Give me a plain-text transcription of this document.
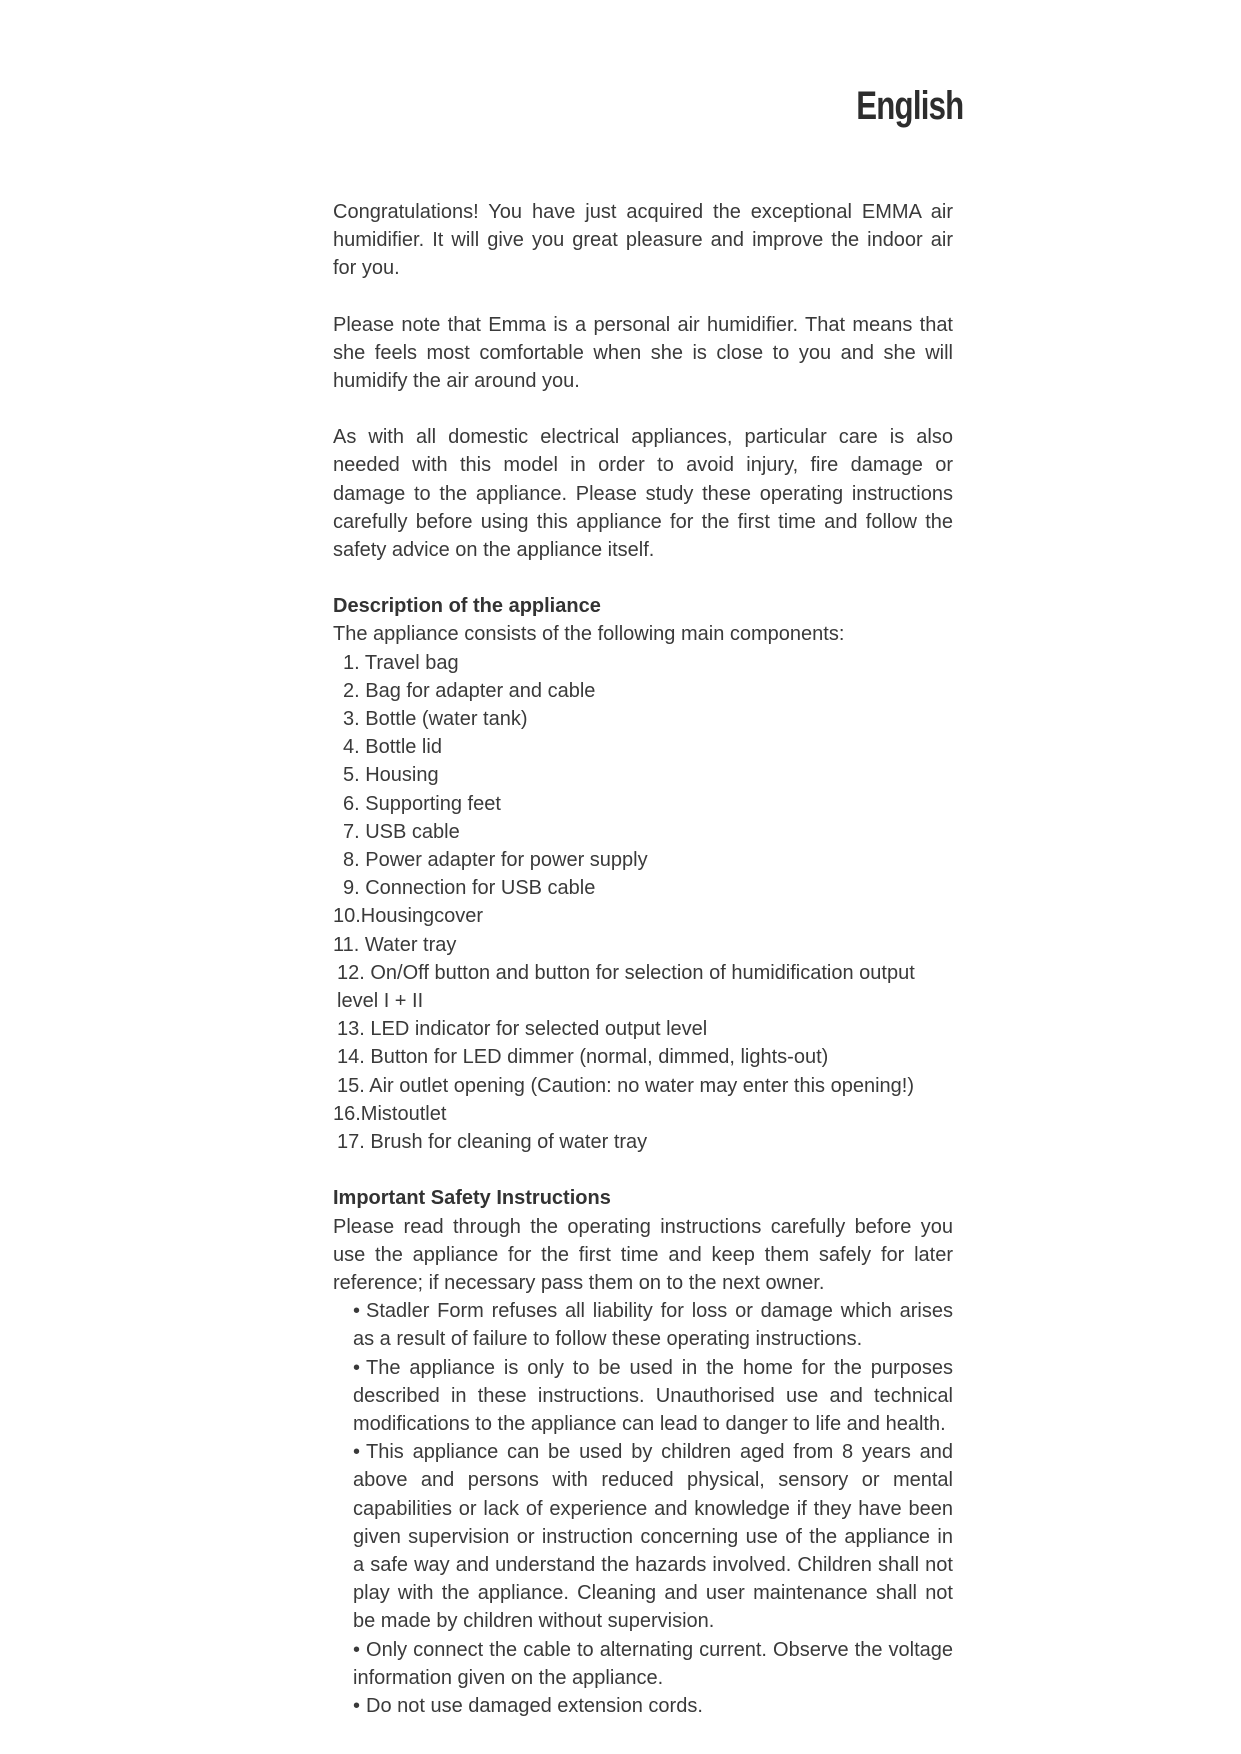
English

Congratulations! You have just acquired the exceptional EMMA air humidifier. It will give you great pleasure and improve the indoor air for you.

Please note that Emma is a personal air humidifier. That means that she feels most comfortable when she is close to you and she will humidify the air around you.

As with all domestic electrical appliances, particular care is also needed with this model in order to avoid injury, fire damage or damage to the appliance. Please study these operating instructions carefully before using this appliance for the first time and follow the safety advice on the appliance itself.

Description of the appliance

The appliance consists of the following main components:

1. Travel bag
2. Bag for adapter and cable
3. Bottle (water tank)
4. Bottle lid
5. Housing
6. Supporting feet
7. USB cable
8. Power adapter for power supply
9. Connection for USB cable
10.Housingcover
11. Water tray
12. On/Off button and button for selection of humidification output level I + II
13. LED indicator for selected output level
14. Button for LED dimmer (normal, dimmed, lights-out)
15. Air outlet opening (Caution: no water may enter this opening!)
16.Mistoutlet
17. Brush for cleaning of water tray

Important Safety Instructions

Please read through the operating instructions carefully before you use the appliance for the first time and keep them safely for later reference; if necessary pass them on to the next owner.

• Stadler Form refuses all liability for loss or damage which arises as a result of failure to follow these operating instructions.
• The appliance is only to be used in the home for the purposes described in these instructions. Unauthorised use and technical modifications to the appliance can lead to danger to life and health.
• This appliance can be used by children aged from 8 years and above and persons with reduced physical, sensory or mental capabilities or lack of experience and knowledge if they have been given supervision or instruction concerning use of the appliance in a safe way and understand the hazards involved. Children shall not play with the appliance. Cleaning and user maintenance shall not be made by children without supervision.
• Only connect the cable to alternating current. Observe the voltage information given on the appliance.
• Do not use damaged extension cords.
